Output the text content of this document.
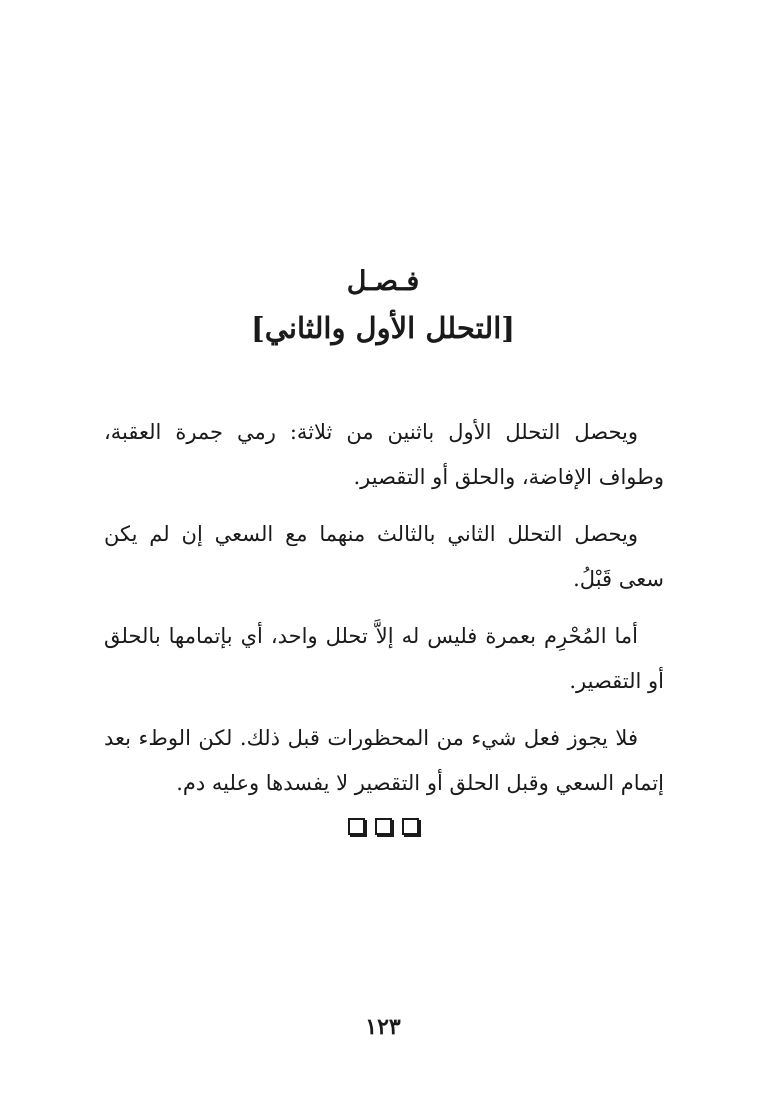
فـصـل
[التحلل الأول والثاني]

ويحصل التحلل الأول باثنين من ثلاثة: رمي جمرة العقبة، وطواف الإفاضة، والحلق أو التقصير.

ويحصل التحلل الثاني بالثالث منهما مع السعي إن لم يكن سعى قَبْلُ.

أما المُحْرِم بعمرة فليس له إلاَّ تحلل واحد، أي بإتمامها بالحلق أو التقصير.

فلا يجوز فعل شيء من المحظورات قبل ذلك. لكن الوطء بعد إتمام السعي وقبل الحلق أو التقصير لا يفسدها وعليه دم.

١٢٣
